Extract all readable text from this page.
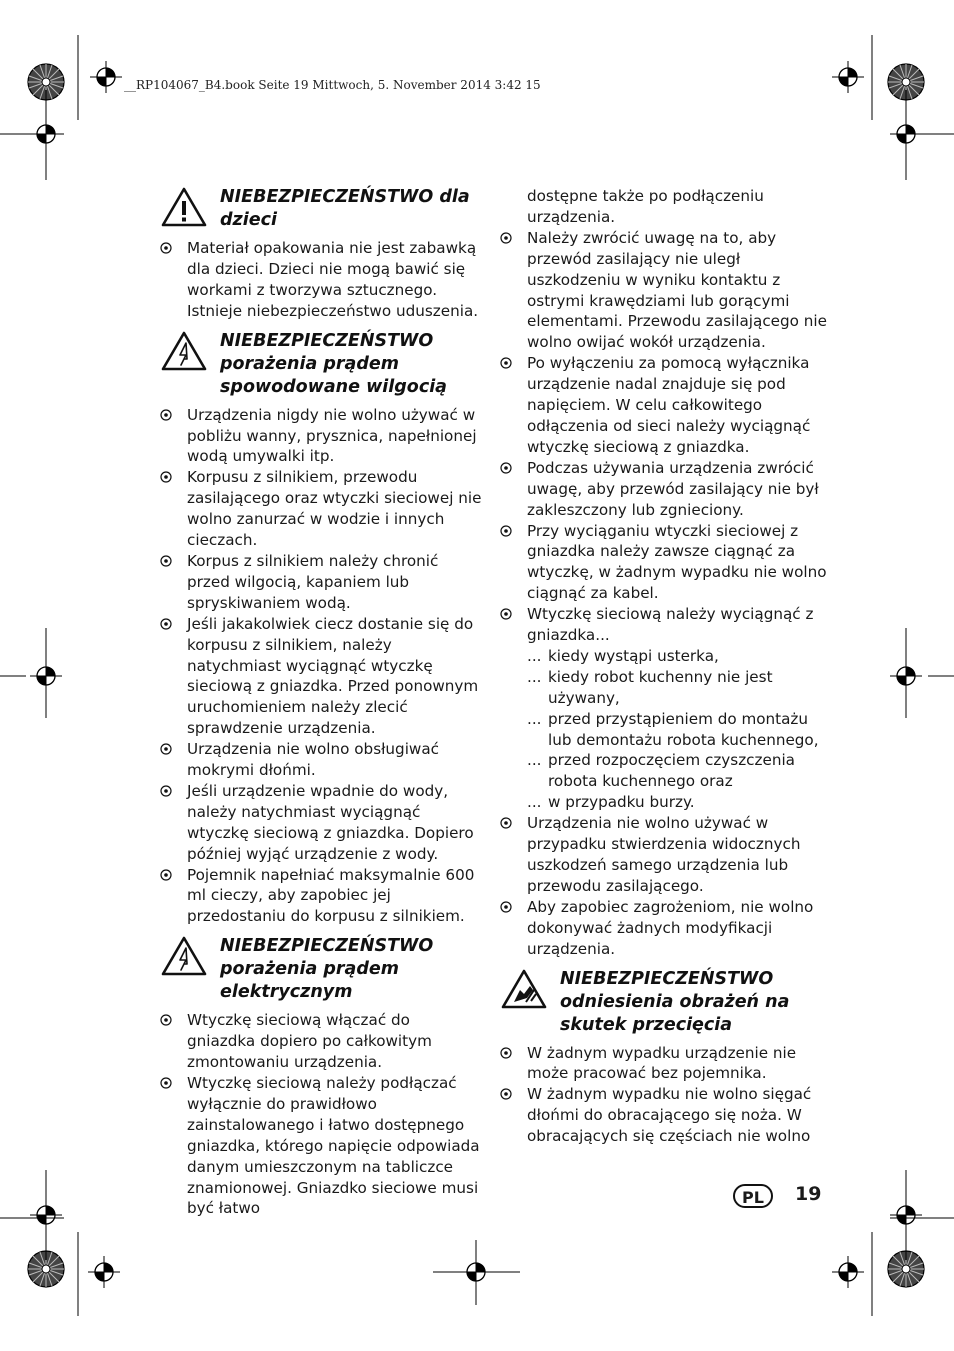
__RP104067_B4.book Seite 19 Mittwoch, 5. November 2014 3:42 15
NIEBEZPIECZEŃSTWO dla dzieci
Materiał opakowania nie jest zabawką dla dzieci. Dzieci nie mogą bawić się workami z tworzywa sztucznego. Istnieje niebezpieczeństwo uduszenia.
NIEBEZPIECZEŃSTWO porażenia prądem spowodowane wilgocią
Urządzenia nigdy nie wolno używać w pobliżu wanny, prysznica, napełnionej wodą umywalki itp.
Korpusu z silnikiem, przewodu zasilającego oraz wtyczki sieciowej nie wolno zanurzać w wodzie i innych cieczach.
Korpus z silnikiem należy chronić przed wilgocią, kapaniem lub spryskiwaniem wodą.
Jeśli jakakolwiek ciecz dostanie się do korpusu z silnikiem, należy natychmiast wyciągnąć wtyczkę sieciową z gniazdka. Przed ponownym uruchomieniem należy zlecić sprawdzenie urządzenia.
Urządzenia nie wolno obsługiwać mokrymi dłońmi.
Jeśli urządzenie wpadnie do wody, należy natychmiast wyciągnąć wtyczkę sieciową z gniazdka. Dopiero później wyjąć urządzenie z wody.
Pojemnik napełniać maksymalnie 600 ml cieczy, aby zapobiec jej przedostaniu do korpusu z silnikiem.
NIEBEZPIECZEŃSTWO porażenia prądem elektrycznym
Wtyczkę sieciową włączać do gniazdka dopiero po całkowitym zmontowaniu urządzenia.
Wtyczkę sieciową należy podłączać wyłącznie do prawidłowo zainstalowanego i łatwo dostępnego gniazdka, którego napięcie odpowiada danym umieszczonym na tabliczce znamionowej. Gniazdko sieciowe musi być łatwo

dostępne także po podłączeniu urządzenia.

Należy zwrócić uwagę na to, aby przewód zasilający nie uległ uszkodzeniu w wyniku kontaktu z ostrymi krawędziami lub gorącymi elementami. Przewodu zasilającego nie wolno owijać wokół urządzenia.
Po wyłączeniu za pomocą wyłącznika urządzenie nadal znajduje się pod napięciem. W celu całkowitego odłączenia od sieci należy wyciągnąć wtyczkę sieciową z gniazdka.
Podczas używania urządzenia zwrócić uwagę, aby przewód zasilający nie był zakleszczony lub zgnieciony.
Przy wyciąganiu wtyczki sieciowej z gniazdka należy zawsze ciągnąć za wtyczkę, w żadnym wypadku nie wolno ciągnąć za kabel.
Wtyczkę sieciową należy wyciągnąć z gniazdka...
... kiedy wystąpi usterka,
... kiedy robot kuchenny nie jest używany,
... przed przystąpieniem do montażu lub demontażu robota kuchennego,
... przed rozpoczęciem czyszczenia robota kuchennego oraz
... w przypadku burzy.
Urządzenia nie wolno używać w przypadku stwierdzenia widocznych uszkodzeń samego urządzenia lub przewodu zasilającego.
Aby zapobiec zagrożeniom, nie wolno dokonywać żadnych modyfikacji urządzenia.
NIEBEZPIECZEŃSTWO odniesienia obrażeń na skutek przecięcia
W żadnym wypadku urządzenie nie może pracować bez pojemnika.
W żadnym wypadku nie wolno sięgać dłońmi do obracającego się noża. W obracających się częściach nie wolno
PL	19
